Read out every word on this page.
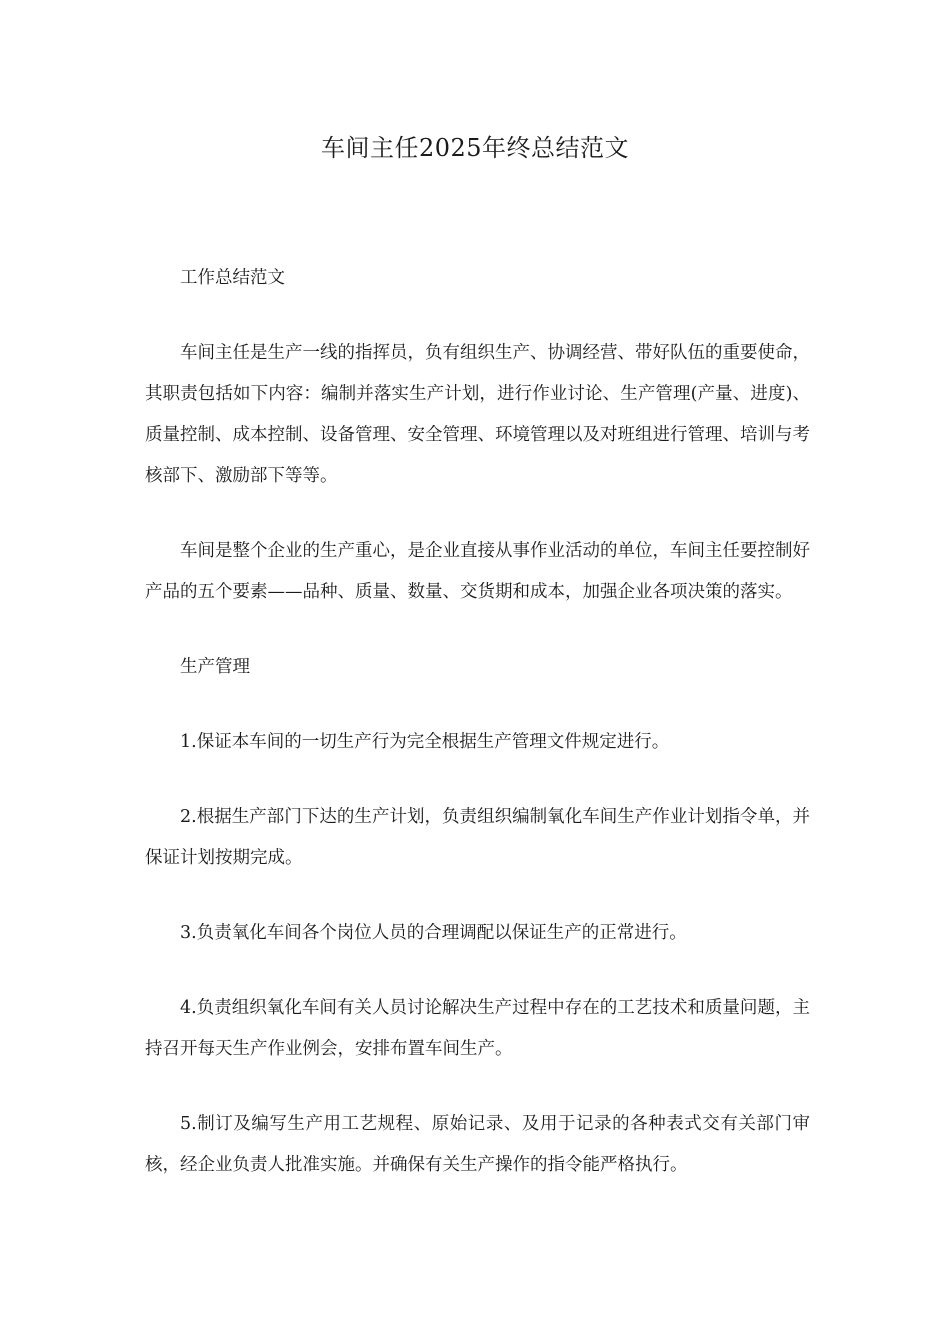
车间主任2025年终总结范文

工作总结范文

车间主任是生产一线的指挥员，负有组织生产、协调经营、带好队伍的重要使命，其职责包括如下内容：编制并落实生产计划，进行作业讨论、生产管理(产量、进度)、质量控制、成本控制、设备管理、安全管理、环境管理以及对班组进行管理、培训与考核部下、激励部下等等。

车间是整个企业的生产重心，是企业直接从事作业活动的单位，车间主任要控制好产品的五个要素——品种、质量、数量、交货期和成本，加强企业各项决策的落实。

生产管理

1.保证本车间的一切生产行为完全根据生产管理文件规定进行。

2.根据生产部门下达的生产计划，负责组织编制氧化车间生产作业计划指令单，并保证计划按期完成。

3.负责氧化车间各个岗位人员的合理调配以保证生产的正常进行。

4.负责组织氧化车间有关人员讨论解决生产过程中存在的工艺技术和质量问题，主持召开每天生产作业例会，安排布置车间生产。

5.制订及编写生产用工艺规程、原始记录、及用于记录的各种表式交有关部门审核，经企业负责人批准实施。并确保有关生产操作的指令能严格执行。
